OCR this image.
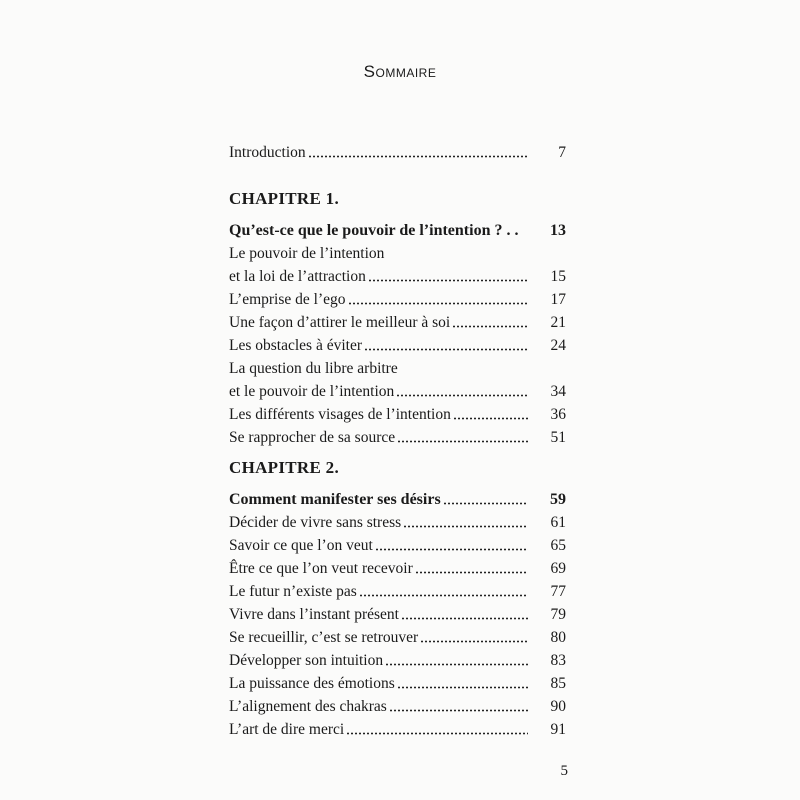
Sommaire
Introduction	7
CHAPITRE 1.
Qu’est-ce que le pouvoir de l’intention ? . .	13
Le pouvoir de l’intention
et la loi de l’attraction	15
L’emprise de l’ego	17
Une façon d’attirer le meilleur à soi	21
Les obstacles à éviter	24
La question du libre arbitre
et le pouvoir de l’intention	34
Les différents visages de l’intention	36
Se rapprocher de sa source	51
CHAPITRE 2.
Comment manifester ses désirs	59
Décider de vivre sans stress	61
Savoir ce que l’on veut	65
Être ce que l’on veut recevoir	69
Le futur n’existe pas	77
Vivre dans l’instant présent	79
Se recueillir, c’est se retrouver	80
Développer son intuition	83
La puissance des émotions	85
L’alignement des chakras	90
L’art de dire merci	91
5
